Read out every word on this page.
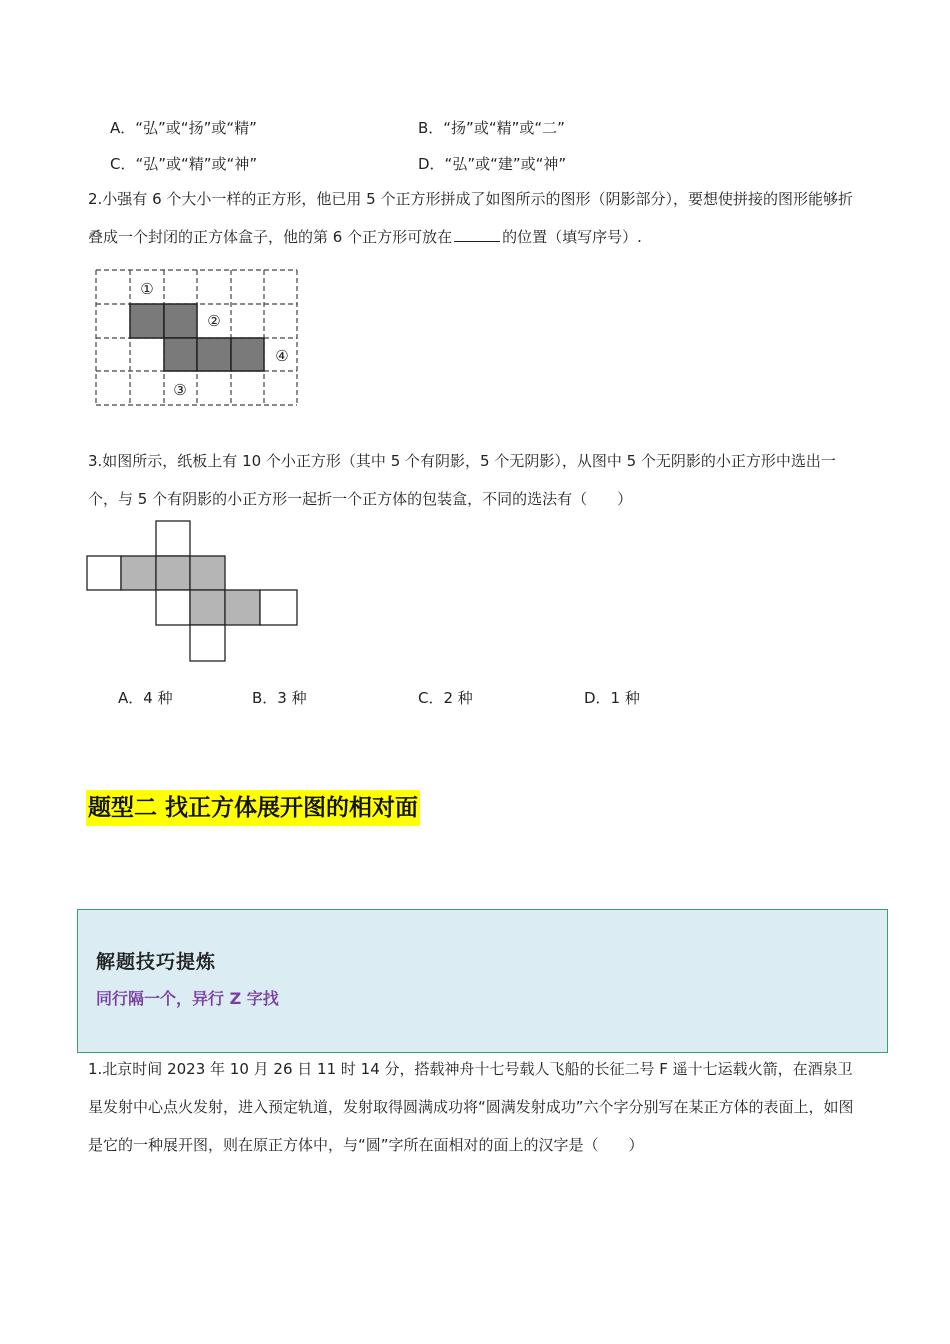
A．“弘”或“扬”或“精”	B．“扬”或“精”或“二”
C．“弘”或“精”或“神”	D．“弘”或“建”或“神”
2.小强有 6 个大小一样的正方形，他已用 5 个正方形拼成了如图所示的图形（阴影部分），要想使拼接的图形能够折叠成一个封闭的正方体盒子，他的第 6 个正方形可放在	的位置（填写序号）.
①
②
③
④
3.如图所示，纸板上有 10 个小正方形（其中 5 个有阴影，5 个无阴影），从图中 5 个无阴影的小正方形中选出一个，与 5 个有阴影的小正方形一起折一个正方体的包装盒，不同的选法有（　　）
A．4 种	B．3 种	C．2 种	D．1 种
题型二 找正方体展开图的相对面
解题技巧提炼
同行隔一个，异行 Z 字找
1.北京时间 2023 年 10 月 26 日 11 时 14 分，搭载神舟十七号载人飞船的长征二号 F 遥十七运载火箭，在酒泉卫星发射中心点火发射，进入预定轨道，发射取得圆满成功将“圆满发射成功”六个字分别写在某正方体的表面上，如图是它的一种展开图，则在原正方体中，与“圆”字所在面相对的面上的汉字是（　　）
